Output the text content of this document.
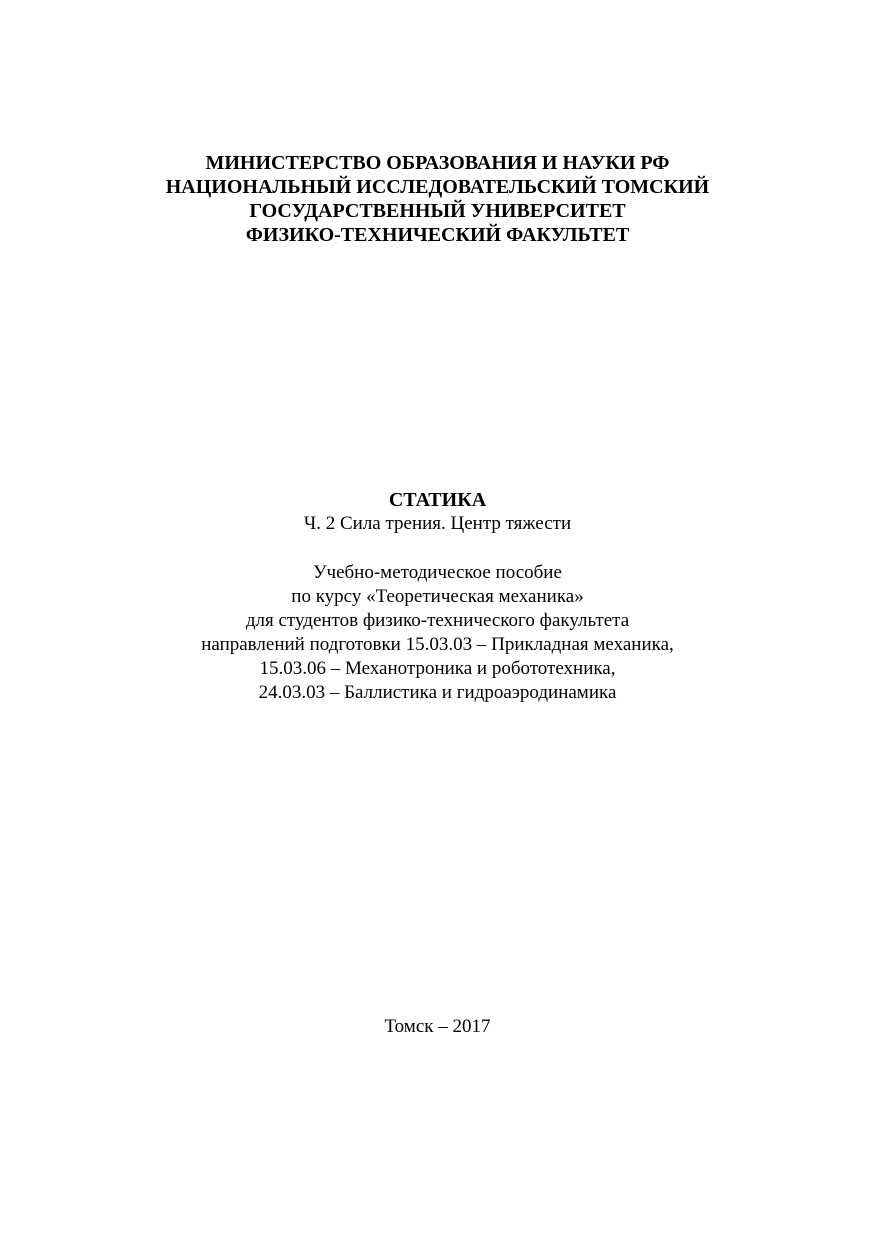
МИНИСТЕРСТВО ОБРАЗОВАНИЯ И НАУКИ РФ
НАЦИОНАЛЬНЫЙ ИССЛЕДОВАТЕЛЬСКИЙ ТОМСКИЙ
ГОСУДАРСТВЕННЫЙ УНИВЕРСИТЕТ
ФИЗИКО-ТЕХНИЧЕСКИЙ ФАКУЛЬТЕТ
СТАТИКА
Ч. 2 Сила трения. Центр тяжести
Учебно-методическое пособие
по курсу «Теоретическая механика»
для студентов физико-технического факультета
направлений подготовки 15.03.03 – Прикладная механика,
15.03.06 – Механотроника и робототехника,
24.03.03 – Баллистика и гидроаэродинамика
Томск – 2017
